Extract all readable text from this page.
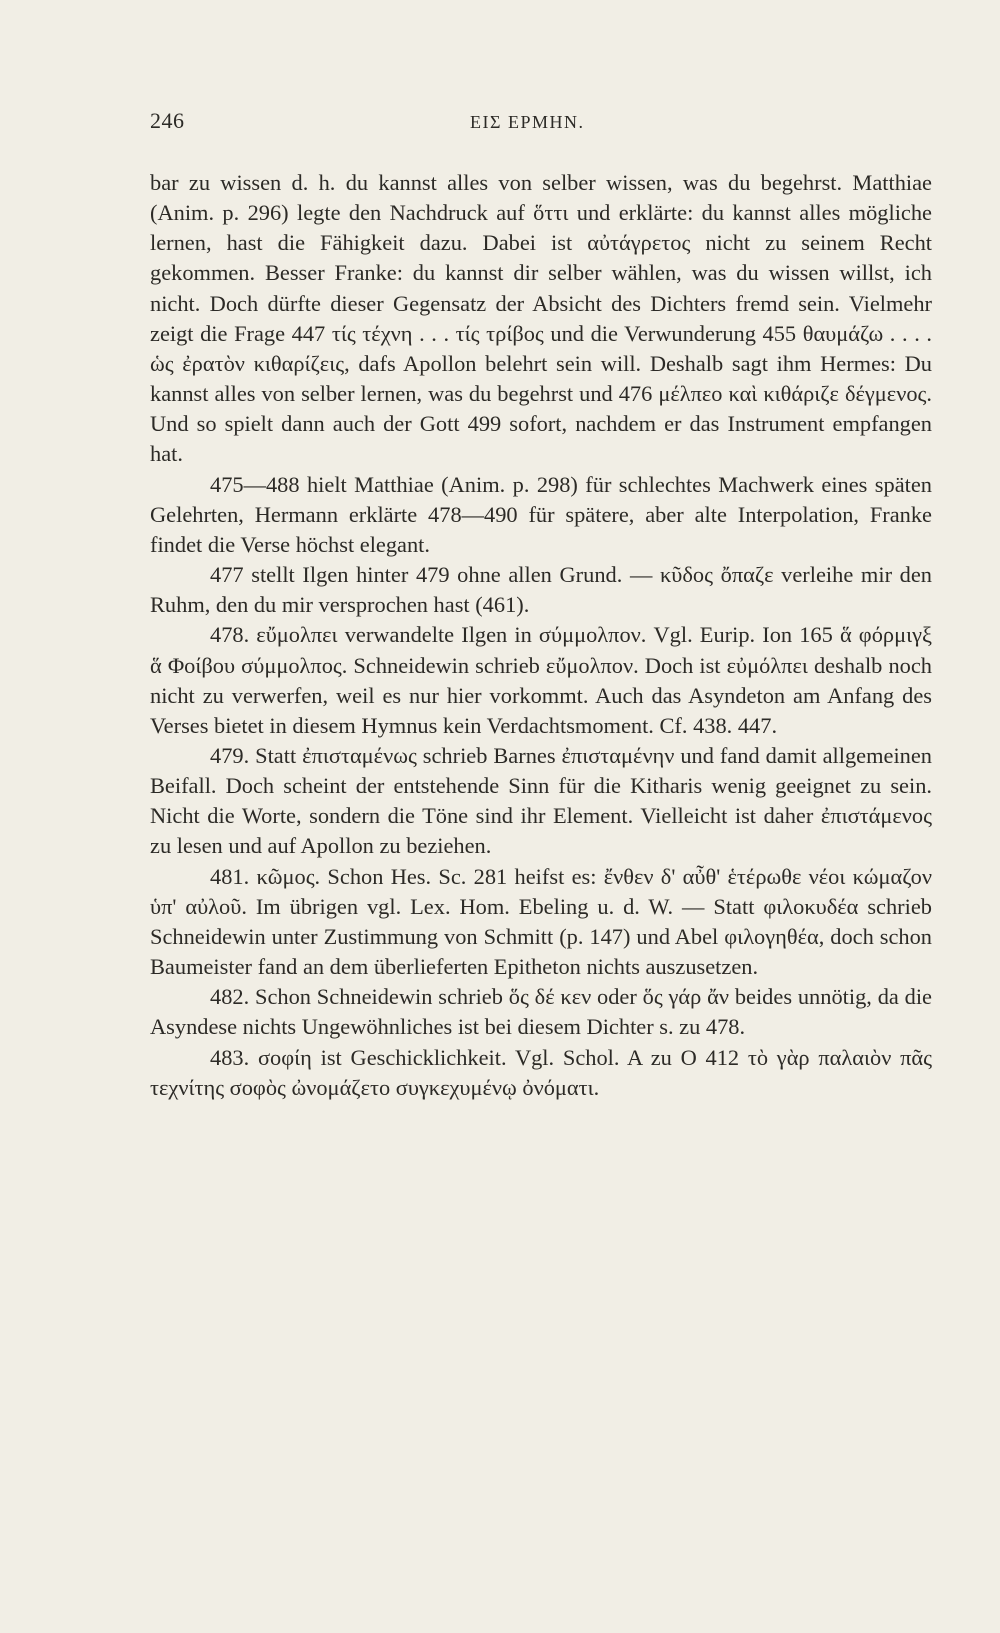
246	ΕΙΣ ΕΡΜΗΝ.

bar zu wissen d. h. du kannst alles von selber wissen, was du begehrst. Matthiae (Anim. p. 296) legte den Nachdruck auf ὅττι und erklärte: du kannst alles mögliche lernen, hast die Fähigkeit dazu. Dabei ist αὐτάγρετος nicht zu seinem Recht gekommen. Besser Franke: du kannst dir selber wählen, was du wissen willst, ich nicht. Doch dürfte dieser Gegensatz der Absicht des Dichters fremd sein. Vielmehr zeigt die Frage 447 τίς τέχνη . . . τίς τρίβος und die Verwunderung 455 θαυμάζω . . . . ὡς ἐρατὸν κιθαρίζεις, dafs Apollon belehrt sein will. Deshalb sagt ihm Hermes: Du kannst alles von selber lernen, was du begehrst und 476 μέλπεο καὶ κιθάριζε δέγμενος. Und so spielt dann auch der Gott 499 sofort, nachdem er das Instrument empfangen hat.

475—488 hielt Matthiae (Anim. p. 298) für schlechtes Machwerk eines späten Gelehrten, Hermann erklärte 478—490 für spätere, aber alte Interpolation, Franke findet die Verse höchst elegant.

477 stellt Ilgen hinter 479 ohne allen Grund. — κῦδος ὄπαζε verleihe mir den Ruhm, den du mir versprochen hast (461).

478. εὔμολπει verwandelte Ilgen in σύμμολπον. Vgl. Eurip. Ion 165 ἅ φόρμιγξ ἅ Φοίβου σύμμολπος. Schneidewin schrieb εὔμολπον. Doch ist εὐμόλπει deshalb noch nicht zu verwerfen, weil es nur hier vorkommt. Auch das Asyndeton am Anfang des Verses bietet in diesem Hymnus kein Verdachtsmoment. Cf. 438. 447.

479. Statt ἐπισταμένως schrieb Barnes ἐπισταμένην und fand damit allgemeinen Beifall. Doch scheint der entstehende Sinn für die Kitharis wenig geeignet zu sein. Nicht die Worte, sondern die Töne sind ihr Element. Vielleicht ist daher ἐπιστάμενος zu lesen und auf Apollon zu beziehen.

481. κῶμος. Schon Hes. Sc. 281 heifst es: ἔνθεν δ' αὖθ' ἑτέρωθε νέοι κώμαζον ὑπ' αὐλοῦ. Im übrigen vgl. Lex. Hom. Ebeling u. d. W. — Statt φιλοκυδέα schrieb Schneidewin unter Zustimmung von Schmitt (p. 147) und Abel φιλογηθέα, doch schon Baumeister fand an dem überlieferten Epitheton nichts auszusetzen.

482. Schon Schneidewin schrieb ὅς δέ κεν oder ὅς γάρ ἄν beides unnötig, da die Asyndese nichts Ungewöhnliches ist bei diesem Dichter s. zu 478.

483. σοφίη ist Geschicklichkeit. Vgl. Schol. A zu O 412 τὸ γὰρ παλαιὸν πᾶς τεχνίτης σοφὸς ὠνομάζετο συγκεχυμένῳ ὀνόματι.
